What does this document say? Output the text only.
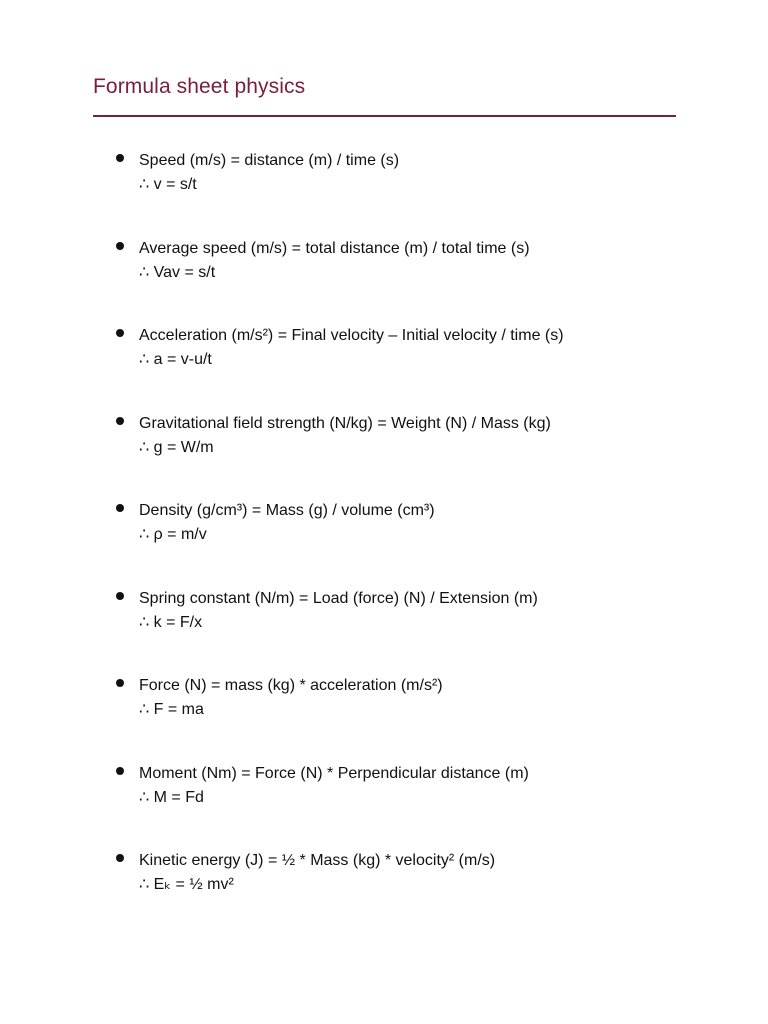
Formula sheet physics
Speed (m/s) = distance (m) / time (s)
∴ v = s/t
Average speed (m/s) = total distance (m) / total time (s)
∴ Vav = s/t
Acceleration (m/s²) = Final velocity – Initial velocity / time (s)
∴ a = v-u/t
Gravitational field strength (N/kg) = Weight (N) / Mass (kg)
∴ g = W/m
Density (g/cm³) = Mass (g) / volume (cm³)
∴ ρ = m/v
Spring constant (N/m) = Load (force) (N) / Extension (m)
∴ k = F/x
Force (N) = mass (kg) * acceleration (m/s²)
∴ F = ma
Moment (Nm) = Force (N) * Perpendicular distance (m)
∴ M = Fd
Kinetic energy (J) = ½ * Mass (kg) * velocity² (m/s)
∴ Eₖ = ½ mv²
